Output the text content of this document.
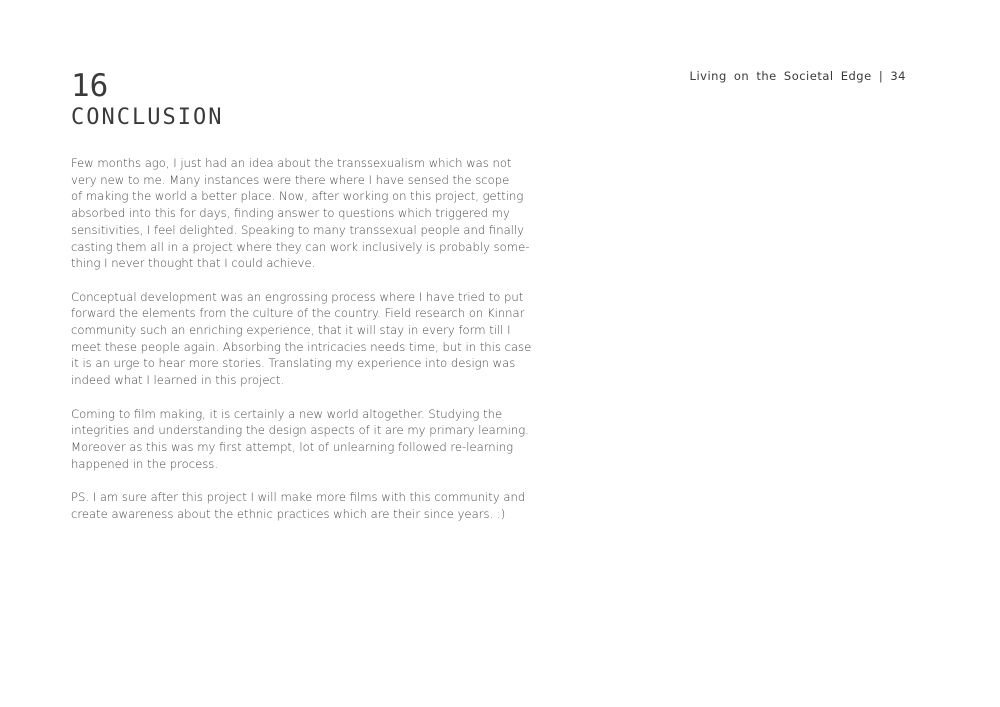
Living on the Societal Edge | 34
16
CONCLUSION

Few months ago, I just had an idea about the transsexualism which was not
very new to me. Many instances were there where I have sensed the scope
of making the world a better place. Now, after working on this project, getting
absorbed into this for days, finding answer to questions which triggered my
sensitivities, I feel delighted. Speaking to many transsexual people and finally
casting them all in a project where they can work inclusively is probably some-
thing I never thought that I could achieve.

Conceptual development was an engrossing process where I have tried to put
forward the elements from the culture of the country. Field research on Kinnar
community such an enriching experience, that it will stay in every form till I
meet these people again. Absorbing the intricacies needs time, but in this case
it is an urge to hear more stories. Translating my experience into design was
indeed what I learned in this project.

Coming to film making, it is certainly a new world altogether. Studying the
integrities and understanding the design aspects of it are my primary learning.
Moreover as this was my first attempt, lot of unlearning followed re-learning
happened in the process.

PS. I am sure after this project I will make more films with this community and
create awareness about the ethnic practices which are their since years. :)
